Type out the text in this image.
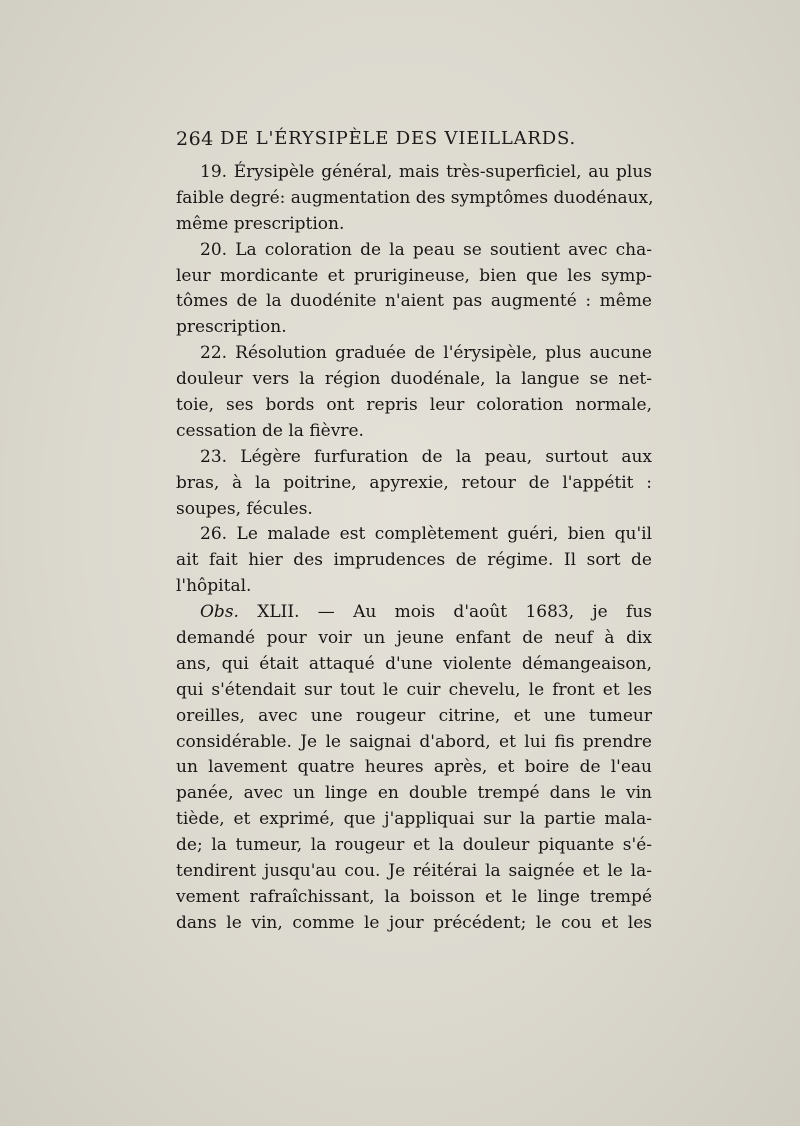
264 DE L'ÉRYSIPÈLE DES VIEILLARDS.
19. Érysipèle général, mais très-superficiel, au plus
faible degré: augmentation des symptômes duodénaux,
même prescription.
20. La coloration de la peau se soutient avec cha-
leur mordicante et prurigineuse, bien que les symp-
tômes de la duodénite n'aient pas augmenté : même
prescription.
22. Résolution graduée de l'érysipèle, plus aucune
douleur vers la région duodénale, la langue se net-
toie, ses bords ont repris leur coloration normale,
cessation de la fièvre.
23. Légère furfuration de la peau, surtout aux
bras, à la poitrine, apyrexie, retour de l'appétit :
soupes, fécules.
26. Le malade est complètement guéri, bien qu'il
ait fait hier des imprudences de régime. Il sort de
l'hôpital.
Obs. XLII. — Au mois d'août 1683, je fus
demandé pour voir un jeune enfant de neuf à dix
ans, qui était attaqué d'une violente démangeaison,
qui s'étendait sur tout le cuir chevelu, le front et les
oreilles, avec une rougeur citrine, et une tumeur
considérable. Je le saignai d'abord, et lui fis prendre
un lavement quatre heures après, et boire de l'eau
panée, avec un linge en double trempé dans le vin
tiède, et exprimé, que j'appliquai sur la partie mala-
de; la tumeur, la rougeur et la douleur piquante s'é-
tendirent jusqu'au cou. Je réitérai la saignée et le la-
vement rafraîchissant, la boisson et le linge trempé
dans le vin, comme le jour précédent; le cou et les
